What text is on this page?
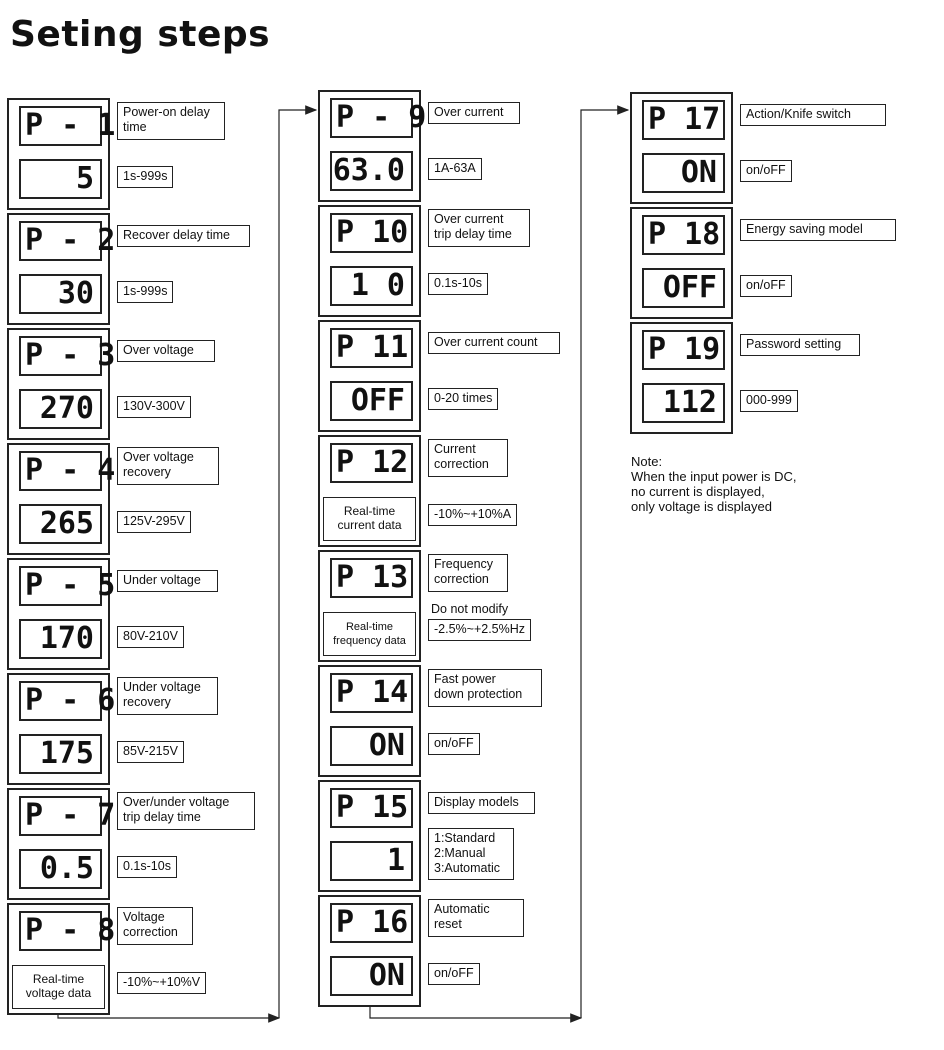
Seting steps
P - 1
5
Power-on delay
time
1s-999s
P - 2
30
Recover delay time
1s-999s
P - 3
270
Over voltage
130V-300V
P - 4
265
Over voltage
recovery
125V-295V
P - 5
170
Under voltage
80V-210V
P - 6
175
Under voltage
recovery
85V-215V
P - 7
0.5
Over/under voltage
trip delay time
0.1s-10s
P - 8
Real-time
voltage data
Voltage
correction
-10%~+10%V
P - 9
63.0
Over current
1A-63A
P 10
1 0
Over current
trip delay time
0.1s-10s
P 11
OFF
Over current count
0-20 times
P 12
Real-time
current data
Current
correction
-10%~+10%A
P 13
Real-time
frequency data
Frequency
correction
Do not modify
-2.5%~+2.5%Hz
P 14
ON
Fast power
down protection
on/oFF
P 15
1
Display models
1:Standard
2:Manual
3:Automatic
P 16
ON
Automatic
reset
on/oFF
P 17
ON
Action/Knife switch
on/oFF
P 18
OFF
Energy saving model
on/oFF
P 19
112
Password setting
000-999
Note:
When the input power is DC,
no current is displayed,
only voltage is displayed
